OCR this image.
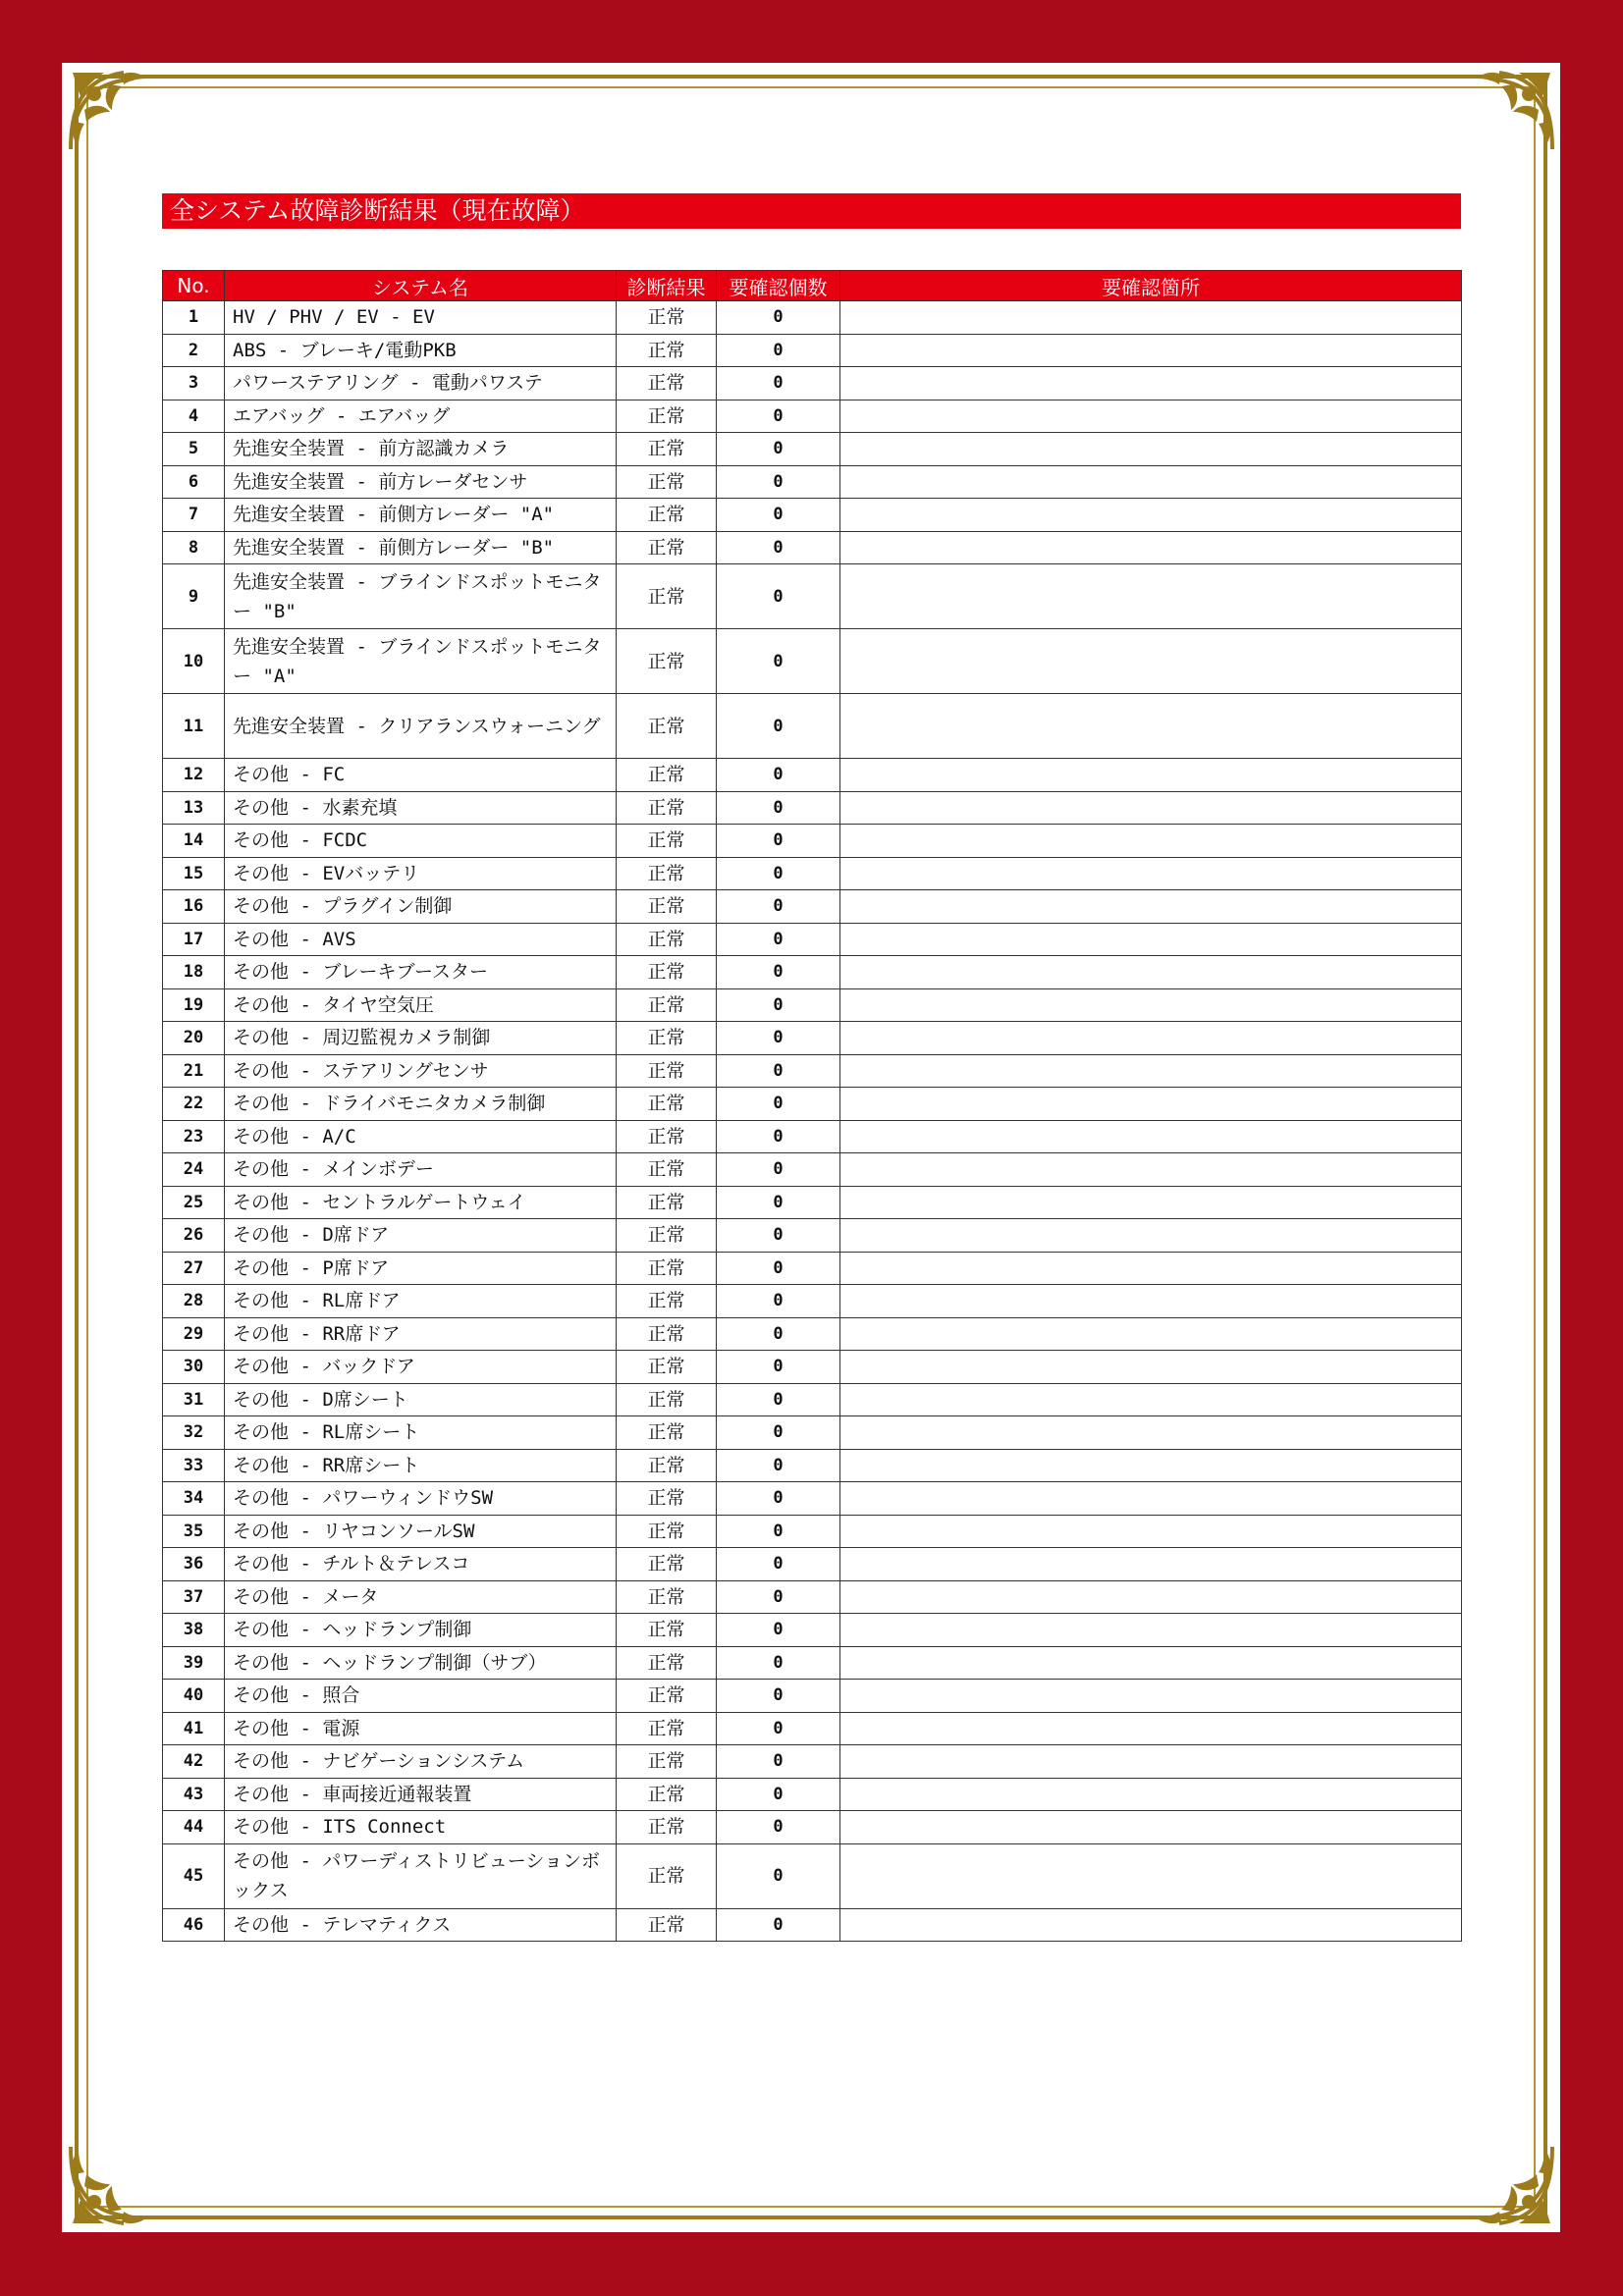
全システム故障診断結果（現在故障）
No.	システム名	診断結果	要確認個数	要確認箇所
1	HV / PHV / EV - EV	正常	0	
2	ABS - ブレーキ/電動PKB	正常	0	
3	パワーステアリング - 電動パワステ	正常	0	
4	エアバッグ - エアバッグ	正常	0	
5	先進安全装置 - 前方認識カメラ	正常	0	
6	先進安全装置 - 前方レーダセンサ	正常	0	
7	先進安全装置 - 前側方レーダー "A"	正常	0	
8	先進安全装置 - 前側方レーダー "B"	正常	0	
9	先進安全装置 - ブラインドスポットモニター "B"	正常	0	
10	先進安全装置 - ブラインドスポットモニター "A"	正常	0	
11	先進安全装置 - クリアランスウォーニング	正常	0	
12	その他 - FC	正常	0	
13	その他 - 水素充填	正常	0	
14	その他 - FCDC	正常	0	
15	その他 - EVバッテリ	正常	0	
16	その他 - プラグイン制御	正常	0	
17	その他 - AVS	正常	0	
18	その他 - ブレーキブースター	正常	0	
19	その他 - タイヤ空気圧	正常	0	
20	その他 - 周辺監視カメラ制御	正常	0	
21	その他 - ステアリングセンサ	正常	0	
22	その他 - ドライバモニタカメラ制御	正常	0	
23	その他 - A/C	正常	0	
24	その他 - メインボデー	正常	0	
25	その他 - セントラルゲートウェイ	正常	0	
26	その他 - D席ドア	正常	0	
27	その他 - P席ドア	正常	0	
28	その他 - RL席ドア	正常	0	
29	その他 - RR席ドア	正常	0	
30	その他 - バックドア	正常	0	
31	その他 - D席シート	正常	0	
32	その他 - RL席シート	正常	0	
33	その他 - RR席シート	正常	0	
34	その他 - パワーウィンドウSW	正常	0	
35	その他 - リヤコンソールSW	正常	0	
36	その他 - チルト＆テレスコ	正常	0	
37	その他 - メータ	正常	0	
38	その他 - ヘッドランプ制御	正常	0	
39	その他 - ヘッドランプ制御（サブ）	正常	0	
40	その他 - 照合	正常	0	
41	その他 - 電源	正常	0	
42	その他 - ナビゲーションシステム	正常	0	
43	その他 - 車両接近通報装置	正常	0	
44	その他 - ITS Connect	正常	0	
45	その他 - パワーディストリビューションボックス	正常	0	
46	その他 - テレマティクス	正常	0	
